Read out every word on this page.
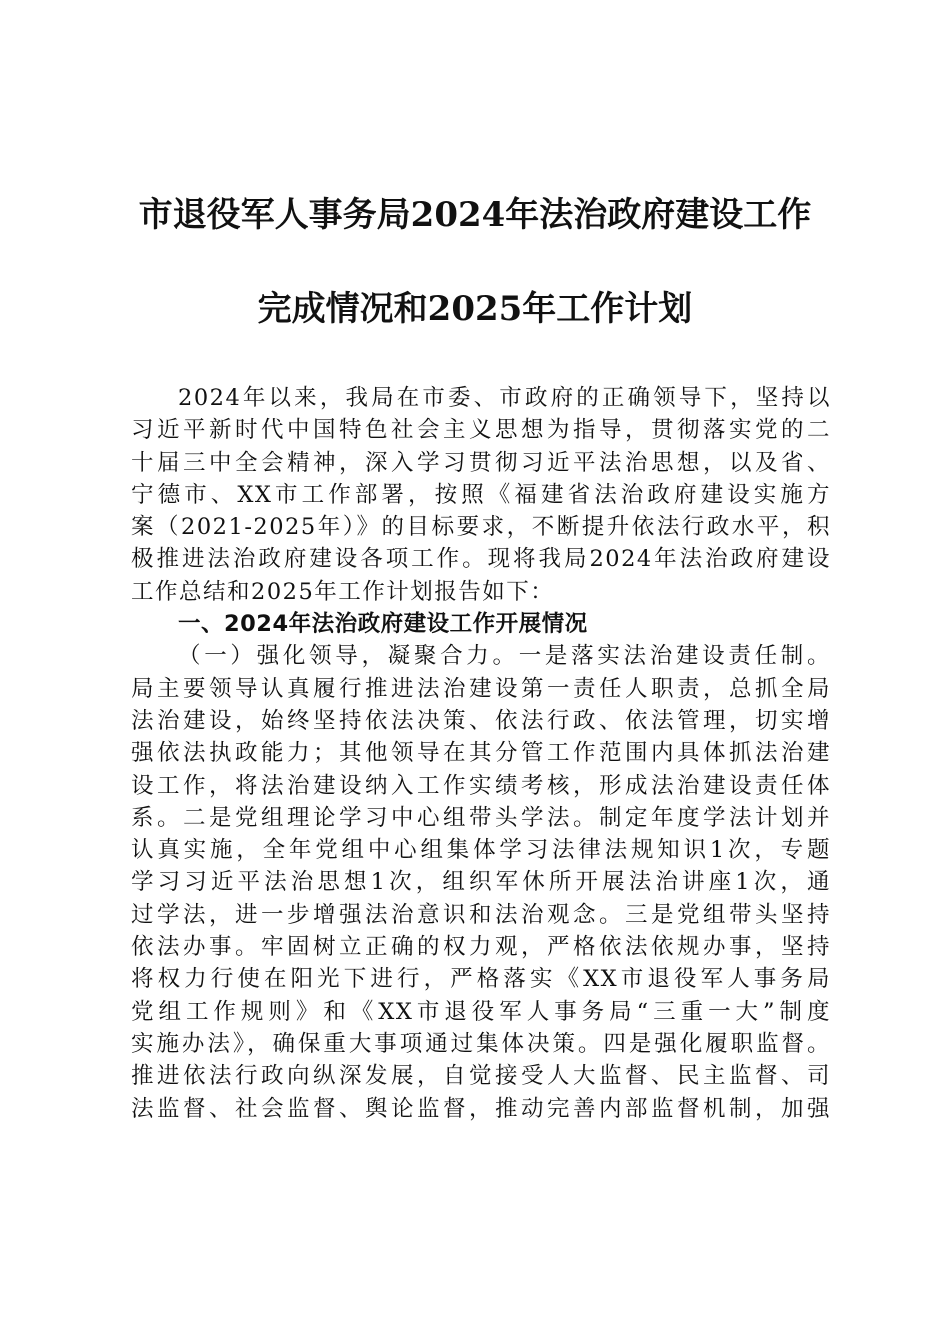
市退役军人事务局2024年法治政府建设工作
完成情况和2025年工作计划
2024年以来，我局在市委、市政府的正确领导下，坚持以
习近平新时代中国特色社会主义思想为指导，贯彻落实党的二
十届三中全会精神，深入学习贯彻习近平法治思想，以及省、
宁德市、XX市工作部署，按照《福建省法治政府建设实施方
案（2021-2025年）》的目标要求，不断提升依法行政水平，积
极推进法治政府建设各项工作。现将我局2024年法治政府建设
工作总结和2025年工作计划报告如下：
一、2024年法治政府建设工作开展情况
（一）强化领导，凝聚合力。一是落实法治建设责任制。
局主要领导认真履行推进法治建设第一责任人职责，总抓全局
法治建设，始终坚持依法决策、依法行政、依法管理，切实增
强依法执政能力；其他领导在其分管工作范围内具体抓法治建
设工作，将法治建设纳入工作实绩考核，形成法治建设责任体
系。二是党组理论学习中心组带头学法。制定年度学法计划并
认真实施，全年党组中心组集体学习法律法规知识1次，专题
学习习近平法治思想1次，组织军休所开展法治讲座1次，通
过学法，进一步增强法治意识和法治观念。三是党组带头坚持
依法办事。牢固树立正确的权力观，严格依法依规办事，坚持
将权力行使在阳光下进行，严格落实《XX市退役军人事务局
党组工作规则》和《XX市退役军人事务局“三重一大”制度
实施办法》，确保重大事项通过集体决策。四是强化履职监督。
推进依法行政向纵深发展，自觉接受人大监督、民主监督、司
法监督、社会监督、舆论监督，推动完善内部监督机制，加强
